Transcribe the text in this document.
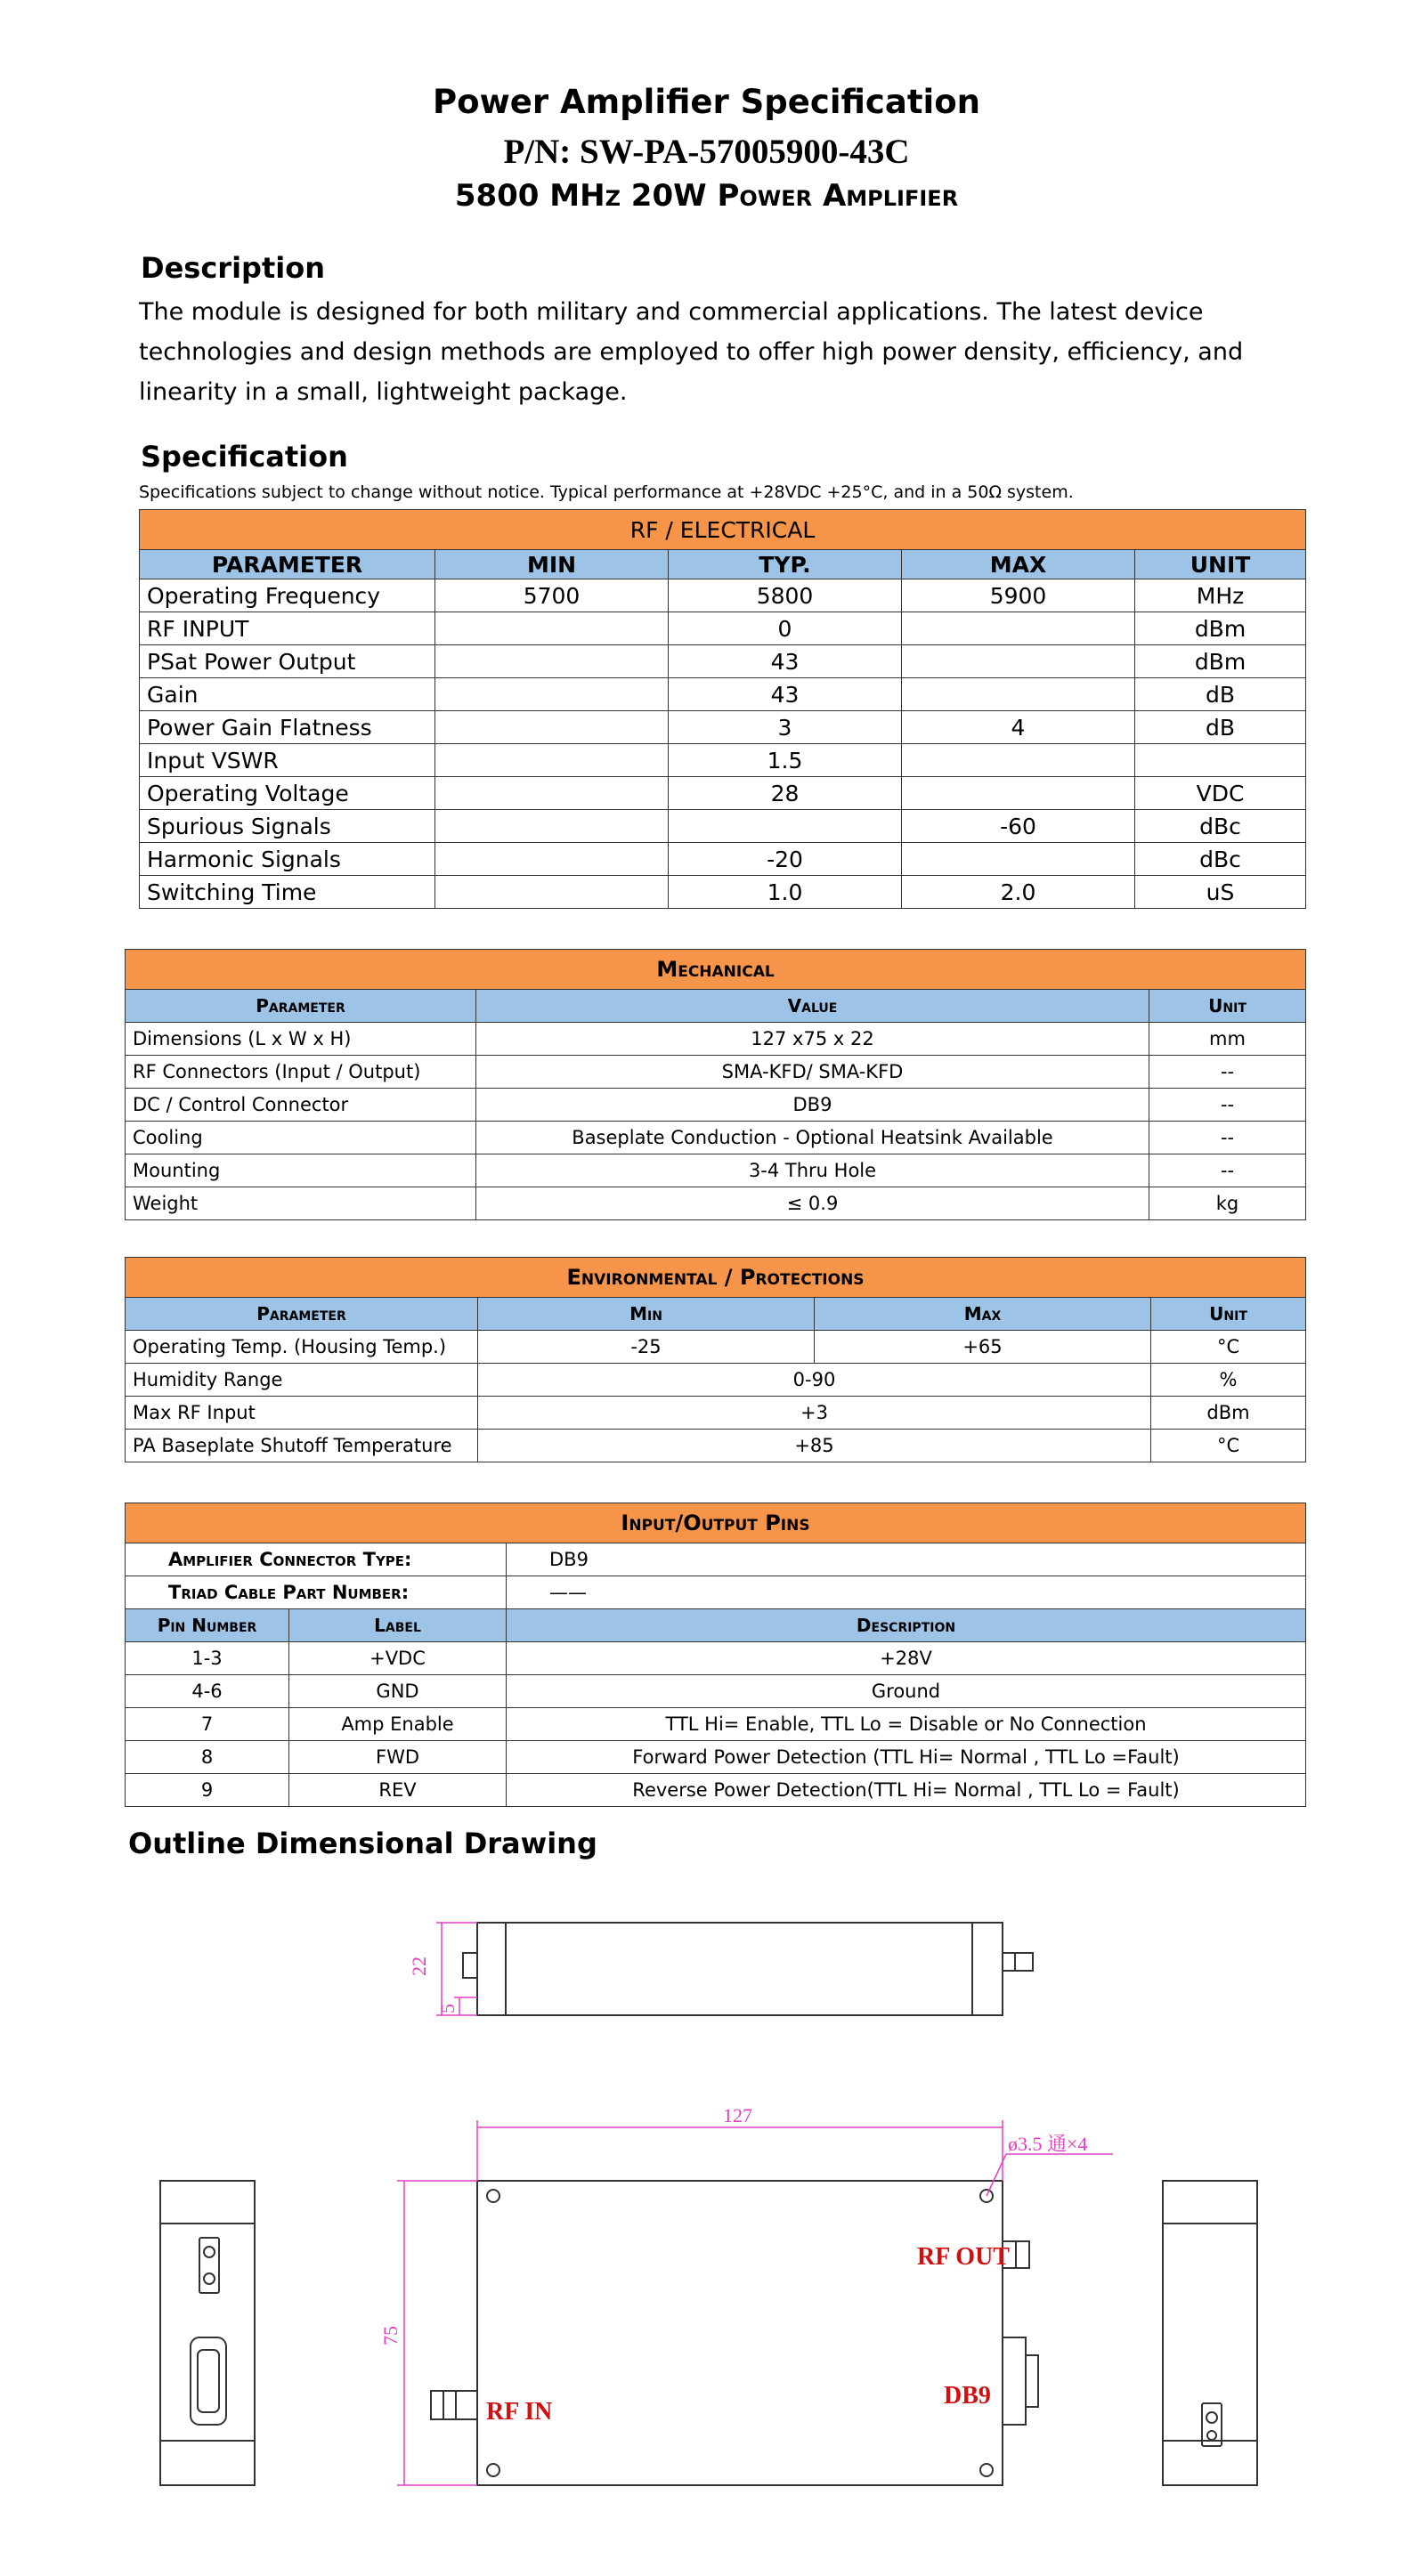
Power Amplifier Specification
P/N: SW-PA-57005900-43C
5800 MHz 20W Power Amplifier
Description
The module is designed for both military and commercial applications. The latest device technologies and design methods are employed to offer high power density, efficiency, and linearity in a small, lightweight package.
Specification
Specifications subject to change without notice. Typical performance at +28VDC +25°C, and in a 50Ω system.
RF / ELECTRICAL				
PARAMETER	MIN	TYP.	MAX	UNIT
Operating Frequency	5700	5800	5900	MHz
RF INPUT		0		dBm
PSat Power Output		43		dBm
Gain		43		dB
Power Gain Flatness		3	4	dB
Input VSWR		1.5		
Operating Voltage		28		VDC
Spurious Signals			-60	dBc
Harmonic Signals		-20		dBc
Switching Time		1.0	2.0	uS
Mechanical		
Parameter	Value	Unit
Dimensions (L x W x H)	127 x75 x 22	mm
RF Connectors (Input / Output)	SMA-KFD/ SMA-KFD	--
DC / Control Connector	DB9	--
Cooling	Baseplate Conduction - Optional Heatsink Available	--
Mounting	3-4 Thru Hole	--
Weight	≤ 0.9	kg
Environmental / Protections			
Parameter	Min	Max	Unit
Operating Temp. (Housing Temp.)	-25	+65	°C
Humidity Range	0-90		%
Max RF Input	+3		dBm
PA Baseplate Shutoff Temperature	+85		°C
Input/Output Pins		
Amplifier Connector Type:		DB9
Triad Cable Part Number:		——
Pin Number	Label	Description
1-3	+VDC	+28V
4-6	GND	Ground
7	Amp Enable	TTL Hi= Enable, TTL Lo = Disable or No Connection
8	FWD	Forward Power Detection (TTL Hi= Normal , TTL Lo =Fault)
9	REV	Reverse Power Detection(TTL Hi= Normal , TTL Lo = Fault)
Outline Dimensional Drawing
22
5
127
75
ø3.5 通×4
RF OUT
RF IN
DB9
